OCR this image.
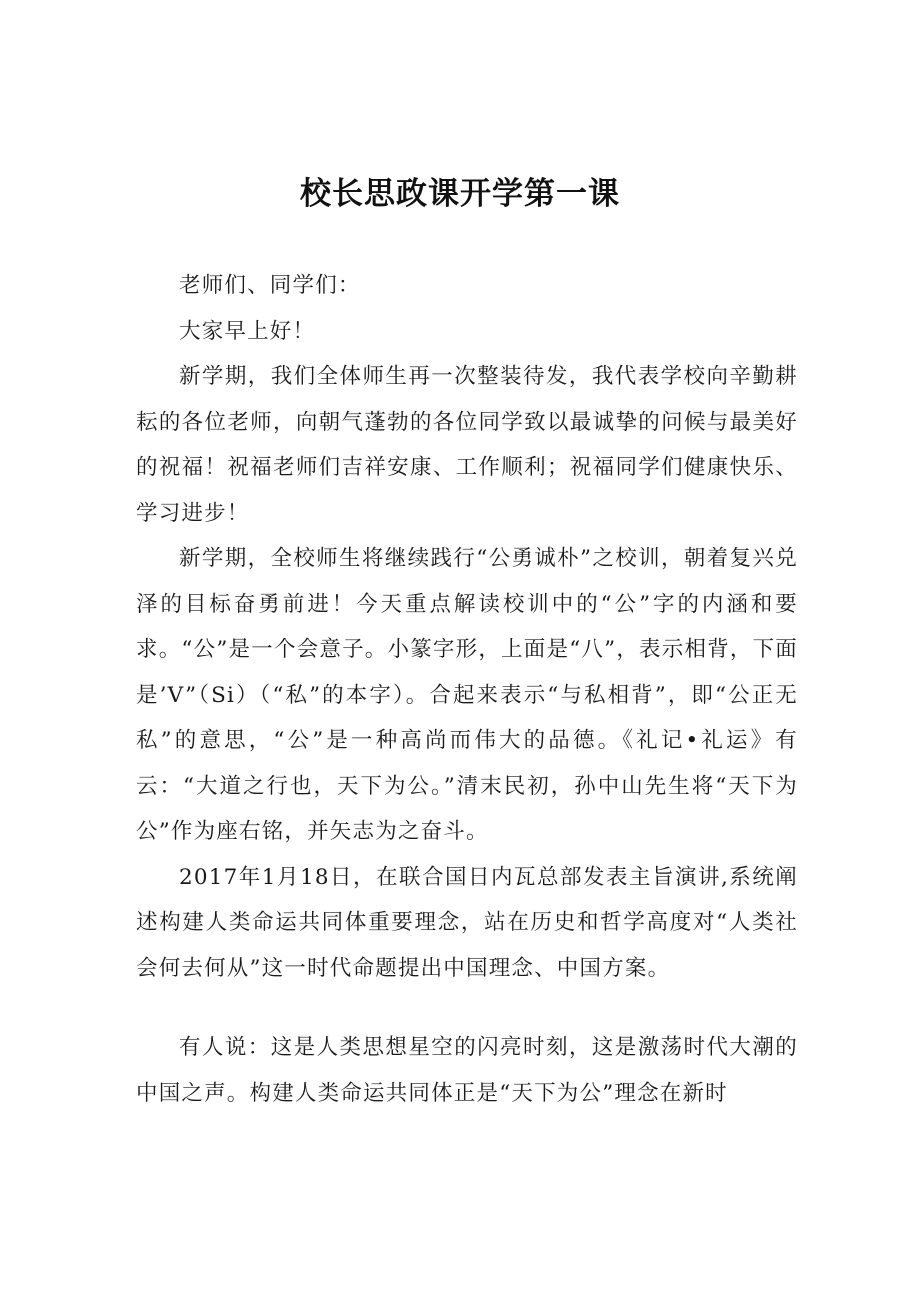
校长思政课开学第一课

老师们、同学们：

大家早上好！

新学期，我们全体师生再一次整装待发，我代表学校向辛勤耕耘的各位老师，向朝气蓬勃的各位同学致以最诚挚的问候与最美好的祝福！祝福老师们吉祥安康、工作顺利；祝福同学们健康快乐、学习进步！

新学期，全校师生将继续践行“公勇诚朴”之校训，朝着复兴兑泽的目标奋勇前进！今天重点解读校训中的“公”字的内涵和要求。“公”是一个会意子。小篆字形，上面是“八”，表示相背，下面是’V”（Si）（“私”的本字）。合起来表示“与私相背”，即“公正无私”的意思，“公”是一种高尚而伟大的品德。《礼记•礼运》有云：“大道之行也，天下为公。”清末民初，孙中山先生将“天下为公”作为座右铭，并矢志为之奋斗。

2017年1月18日，在联合国日内瓦总部发表主旨演讲,系统阐述构建人类命运共同体重要理念，站在历史和哲学高度对“人类社会何去何从”这一时代命题提出中国理念、中国方案。

有人说：这是人类思想星空的闪亮时刻，这是激荡时代大潮的中国之声。构建人类命运共同体正是“天下为公”理念在新时
